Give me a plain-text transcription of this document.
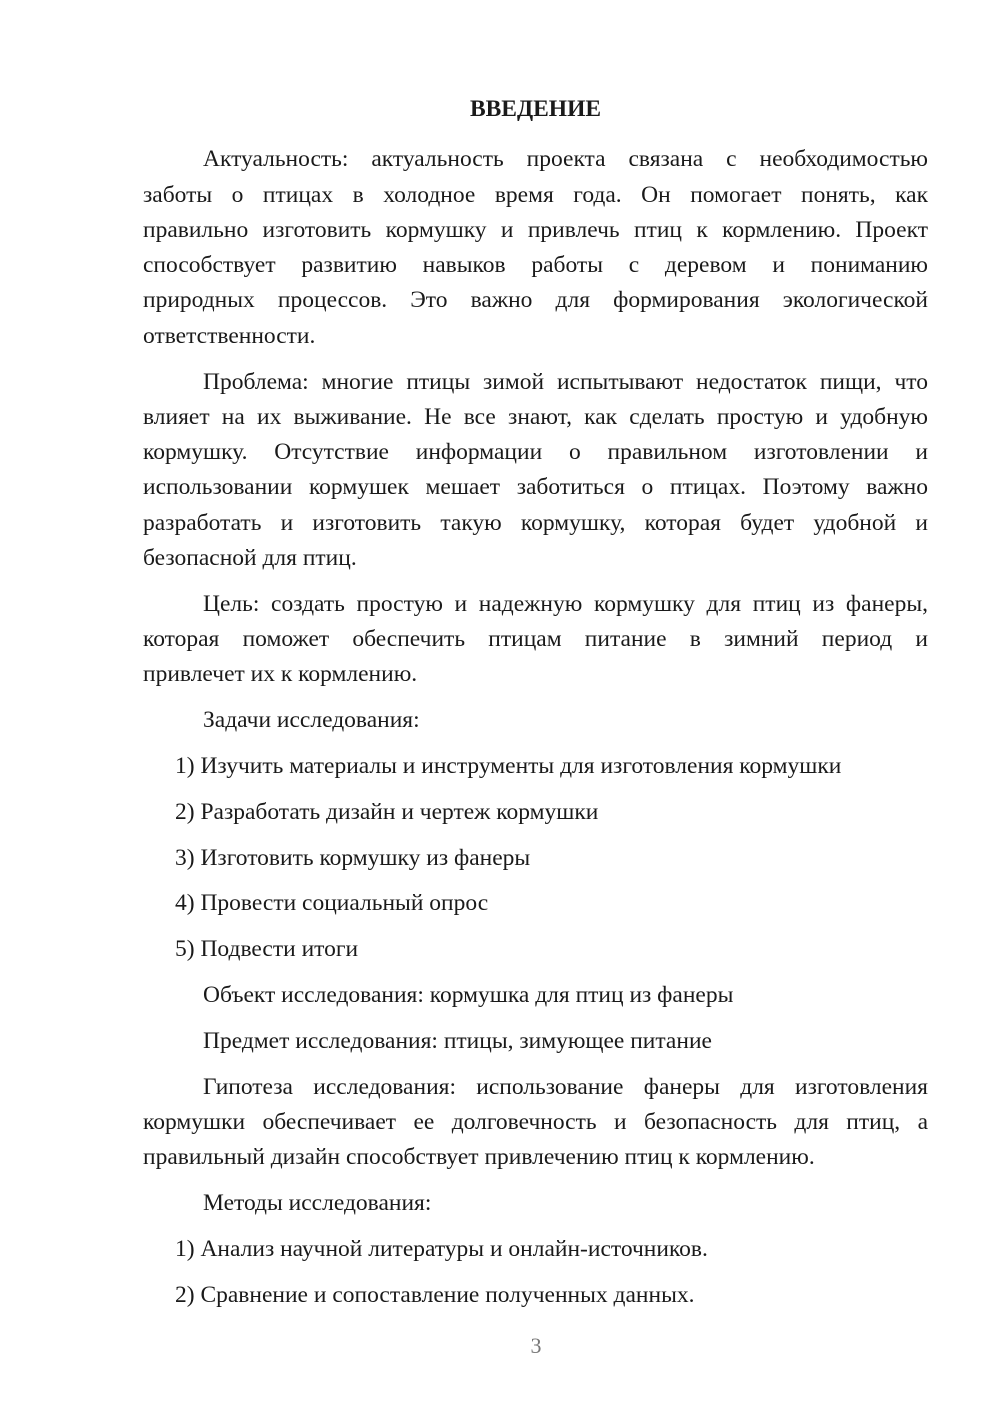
ВВЕДЕНИЕ
Актуальность: актуальность проекта связана с необходимостью
заботы о птицах в холодное время года. Он помогает понять, как
правильно изготовить кормушку и привлечь птиц к кормлению. Проект
способствует развитию навыков работы с деревом и пониманию
природных процессов. Это важно для формирования экологической
ответственности.
Проблема: многие птицы зимой испытывают недостаток пищи, что
влияет на их выживание. Не все знают, как сделать простую и удобную
кормушку. Отсутствие информации о правильном изготовлении и
использовании кормушек мешает заботиться о птицах. Поэтому важно
разработать и изготовить такую кормушку, которая будет удобной и
безопасной для птиц.
Цель: создать простую и надежную кормушку для птиц из фанеры,
которая поможет обеспечить птицам питание в зимний период и
привлечет их к кормлению.
Задачи исследования:
1) Изучить материалы и инструменты для изготовления кормушки
2) Разработать дизайн и чертеж кормушки
3) Изготовить кормушку из фанеры
4) Провести социальный опрос
5) Подвести итоги
Объект исследования: кормушка для птиц из фанеры
Предмет исследования: птицы, зимующее питание
Гипотеза исследования: использование фанеры для изготовления
кормушки обеспечивает ее долговечность и безопасность для птиц, а
правильный дизайн способствует привлечению птиц к кормлению.
Методы исследования:
1) Анализ научной литературы и онлайн-источников.
2) Сравнение и сопоставление полученных данных.
3
